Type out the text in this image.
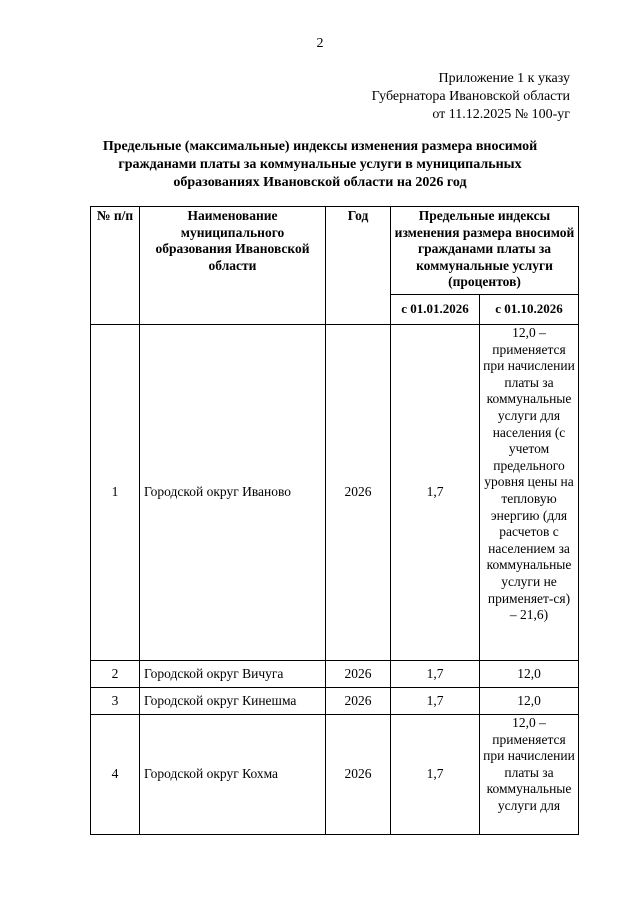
2
Приложение 1 к указу
Губернатора Ивановской области
от 11.12.2025 № 100-уг
Предельные (максимальные) индексы изменения размера вносимой гражданами платы за коммунальные услуги в муниципальных образованиях Ивановской области на 2026 год
№ п/п	Наименование муниципального образования Ивановской области	Год	Предельные индексы изменения размера вносимой гражданами платы за коммунальные услуги (процентов)	
			с 01.01.2026	с 01.10.2026
1	Городской округ Иваново	2026	1,7	12,0 – применяется при начислении платы за коммунальные услуги для населения (с учетом предельного уровня цены на тепловую энергию (для расчетов с населением за коммунальные услуги не применяет-ся) – 21,6)
2	Городской округ Вичуга	2026	1,7	12,0
3	Городской округ Кинешма	2026	1,7	12,0
4	Городской округ Кохма	2026	1,7	12,0 – применяется при начислении платы за коммунальные услуги для
